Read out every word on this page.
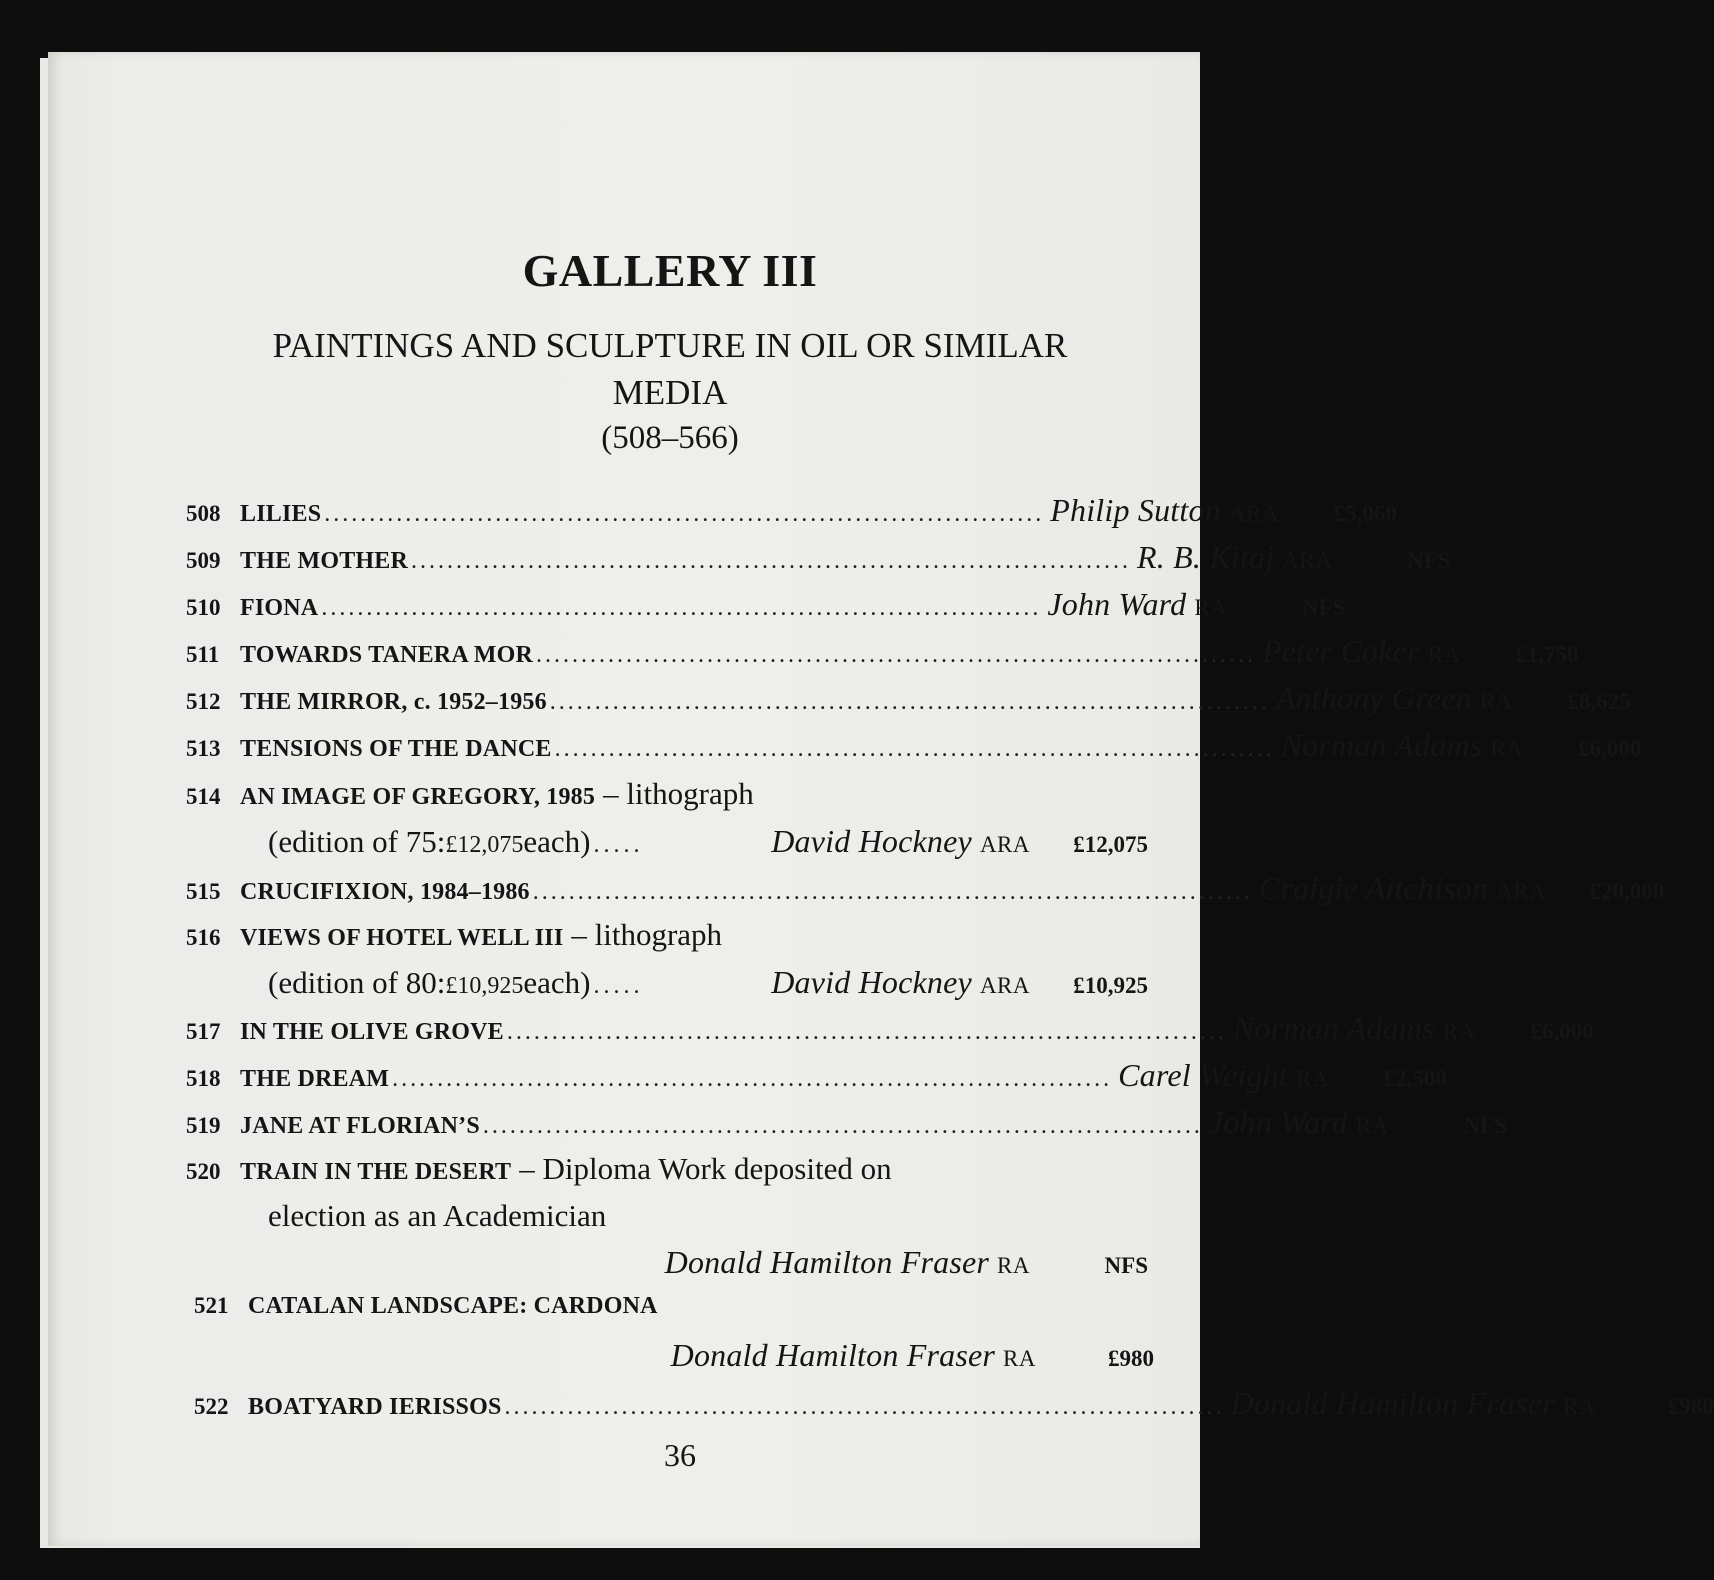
GALLERY III
PAINTINGS AND SCULPTURE IN OIL OR SIMILAR MEDIA
(508–566)
508 LILIES ................................................................................ Philip Sutton ARA	£5,060
509 THE MOTHER ................................................................................ R. B. Kitaj ARA	NFS
510 FIONA ................................................................................ John Ward RA	NFS
511 TOWARDS TANERA MOR ................................................................................ Peter Coker RA	£1,750
512 THE MIRROR, c. 1952–1956 ................................................................................ Anthony Green RA	£8,625
513 TENSIONS OF THE DANCE ................................................................................ Norman Adams RA	£6,000
514 AN IMAGE OF GREGORY, 1985 – lithograph
(edition of 75: £12,075 each) .....	David Hockney ARA	£12,075
515 CRUCIFIXION, 1984–1986 ................................................................................ Craigie Aitchison ARA	£20,000
516 VIEWS OF HOTEL WELL III – lithograph
(edition of 80: £10,925 each) .....	David Hockney ARA	£10,925
517 IN THE OLIVE GROVE ................................................................................ Norman Adams RA	£6,000
518 THE DREAM ................................................................................ Carel Weight RA	£2,500
519 JANE AT FLORIAN’S ................................................................................ John Ward RA	NFS
520 TRAIN IN THE DESERT – Diploma Work deposited on
election as an Academician
Donald Hamilton Fraser RA	NFS
521 CATALAN LANDSCAPE: CARDONA
Donald Hamilton Fraser RA	£980
522 BOATYARD IERISSOS ................................................................................ Donald Hamilton Fraser RA	£980
36
